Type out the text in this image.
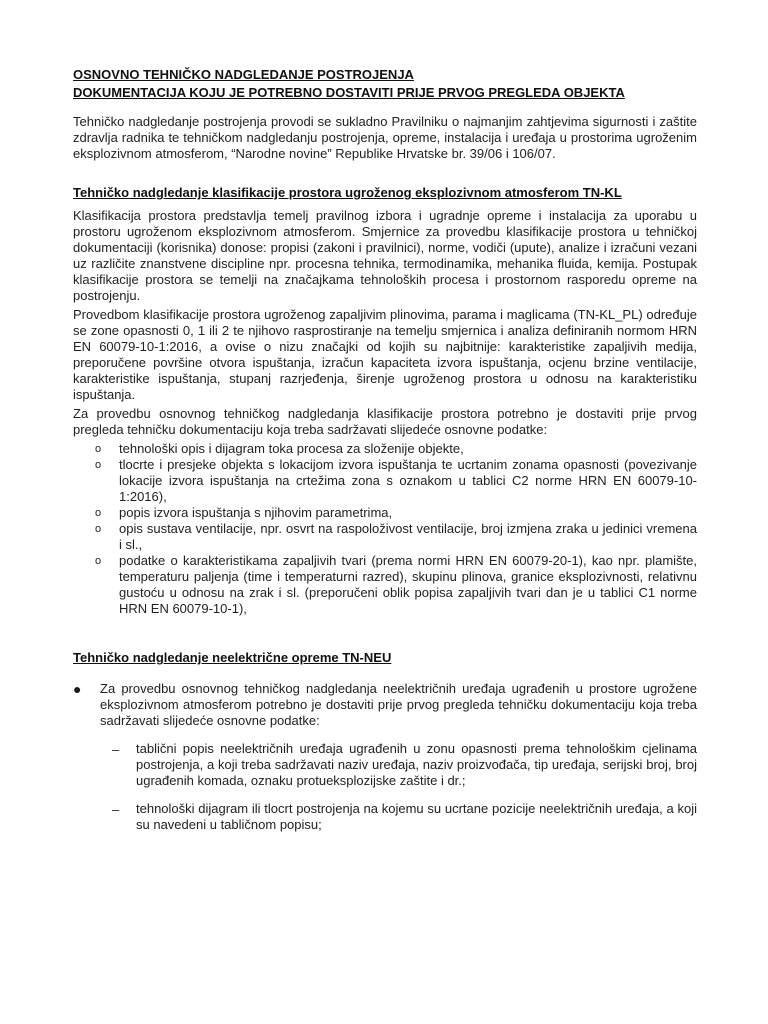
OSNOVNO TEHNIČKO NADGLEDANJE POSTROJENJA
DOKUMENTACIJA KOJU JE POTREBNO DOSTAVITI PRIJE PRVOG PREGLEDA OBJEKTA

Tehničko nadgledanje postrojenja provodi se sukladno Pravilniku o najmanjim zahtjevima sigurnosti i zaštite zdravlja radnika te tehničkom nadgledanju postrojenja, opreme, instalacija i uređaja u prostorima ugroženim eksplozivnom atmosferom, “Narodne novine” Republike Hrvatske br. 39/06 i 106/07.

Tehničko nadgledanje klasifikacije prostora ugroženog eksplozivnom atmosferom TN-KL

Klasifikacija prostora predstavlja temelj pravilnog izbora i ugradnje opreme i instalacija za uporabu u prostoru ugroženom eksplozivnom atmosferom. Smjernice za provedbu klasifikacije prostora u tehničkoj dokumentaciji (korisnika) donose: propisi (zakoni i pravilnici), norme, vodiči (upute), analize i izračuni vezani uz različite znanstvene discipline npr. procesna tehnika, termodinamika, mehanika fluida, kemija. Postupak klasifikacije prostora se temelji na značajkama tehnoloških procesa i prostornom rasporedu opreme na postrojenju.

Provedbom klasifikacije prostora ugroženog zapaljivim plinovima, parama i maglicama (TN-KL_PL) određuje se zone opasnosti 0, 1 ili 2 te njihovo rasprostiranje na temelju smjernica i analiza definiranih normom HRN EN 60079-10-1:2016, a ovise o nizu značajki od kojih su najbitnije: karakteristike zapaljivih medija, preporučene površine otvora ispuštanja, izračun kapaciteta izvora ispuštanja, ocjenu brzine ventilacije, karakteristike ispuštanja, stupanj razrjeđenja, širenje ugroženog prostora u odnosu na karakteristiku ispuštanja.

Za provedbu osnovnog tehničkog nadgledanja klasifikacije prostora potrebno je dostaviti prije prvog pregleda tehničku dokumentaciju koja treba sadržavati slijedeće osnovne podatke:

o tehnološki opis i dijagram toka procesa za složenije objekte,
o tlocrte i presjeke objekta s lokacijom izvora ispuštanja te ucrtanim zonama opasnosti (povezivanje lokacije izvora ispuštanja na crtežima zona s oznakom u tablici C2 norme HRN EN 60079-10-1:2016),
o popis izvora ispuštanja s njihovim parametrima,
o opis sustava ventilacije, npr. osvrt na raspoloživost ventilacije, broj izmjena zraka u jedinici vremena i sl.,
o podatke o karakteristikama zapaljivih tvari (prema normi HRN EN 60079-20-1), kao npr. plamište, temperaturu paljenja (time i temperaturni razred), skupinu plinova, granice eksplozivnosti, relativnu gustoću u odnosu na zrak i sl. (preporučeni oblik popisa zapaljivih tvari dan je u tablici C1 norme HRN EN 60079-10-1),
Tehničko nadgledanje neelektrične opreme TN-NEU
● Za provedbu osnovnog tehničkog nadgledanja neelektričnih uređaja ugrađenih u prostore ugrožene eksplozivnom atmosferom potrebno je dostaviti prije prvog pregleda tehničku dokumentaciju koja treba sadržavati slijedeće osnovne podatke:

– tablični popis neelektričnih uređaja ugrađenih u zonu opasnosti prema tehnološkim cjelinama postrojenja, a koji treba sadržavati naziv uređaja, naziv proizvođača, tip uređaja, serijski broj, broj ugrađenih komada, oznaku protueksplozijske zaštite i dr.;
– tehnološki dijagram ili tlocrt postrojenja na kojemu su ucrtane pozicije neelektričnih uređaja, a koji su navedeni u tabličnom popisu;
